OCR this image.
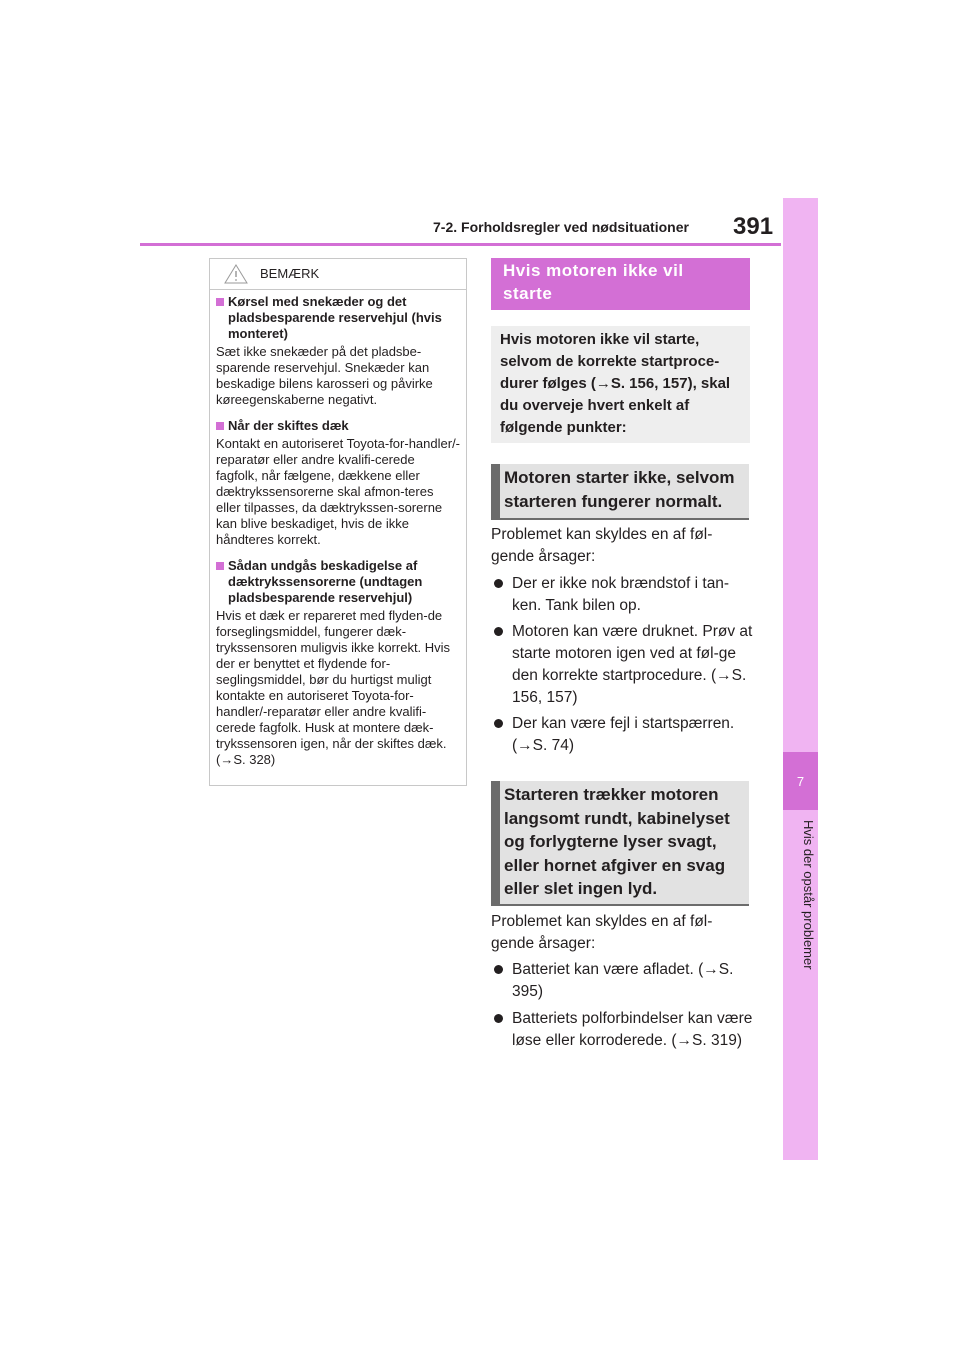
7-2. Forholdsregler ved nødsituationer 391
7
Hvis der opstår problemer
BEMÆRK
Kørsel med snekæder og det pladsbesparende reservehjul (hvis monteret)
Sæt ikke snekæder på det pladsbe-sparende reservehjul. Snekæder kan beskadige bilens karosseri og påvirke køreegenskaberne negativt.
Når der skiftes dæk
Kontakt en autoriseret Toyota-for-handler/-reparatør eller andre kvalifi-cerede fagfolk, når fælgene, dækkene eller dæktrykssensorerne skal afmon-teres eller tilpasses, da dæktrykssen-sorerne kan blive beskadiget, hvis de ikke håndteres korrekt.
Sådan undgås beskadigelse af dæktrykssensorerne (undtagen pladsbesparende reservehjul)
Hvis et dæk er repareret med flyden-de forseglingsmiddel, fungerer dæk-trykssensoren muligvis ikke korrekt. Hvis der er benyttet et flydende for-seglingsmiddel, bør du hurtigst muligt kontakte en autoriseret Toyota-for-handler/-reparatør eller andre kvalifi-cerede fagfolk. Husk at montere dæk-trykssensoren igen, når der skiftes dæk. (→S. 328)
Hvis motoren ikke vil starte
Hvis motoren ikke vil starte, selvom de korrekte startproce-durer følges (→S. 156, 157), skal du overveje hvert enkelt af følgende punkter:
Motoren starter ikke, selvom starteren fungerer normalt.
Problemet kan skyldes en af føl-gende årsager:
Der er ikke nok brændstof i tan-ken. Tank bilen op.
Motoren kan være druknet. Prøv at starte motoren igen ved at føl-ge den korrekte startprocedure. (→S. 156, 157)
Der kan være fejl i startspærren. (→S. 74)
Starteren trækker motoren langsomt rundt, kabinelyset og forlygterne lyser svagt, eller hornet afgiver en svag eller slet ingen lyd.
Problemet kan skyldes en af føl-gende årsager:
Batteriet kan være afladet. (→S. 395)
Batteriets polforbindelser kan være løse eller korroderede. (→S. 319)
